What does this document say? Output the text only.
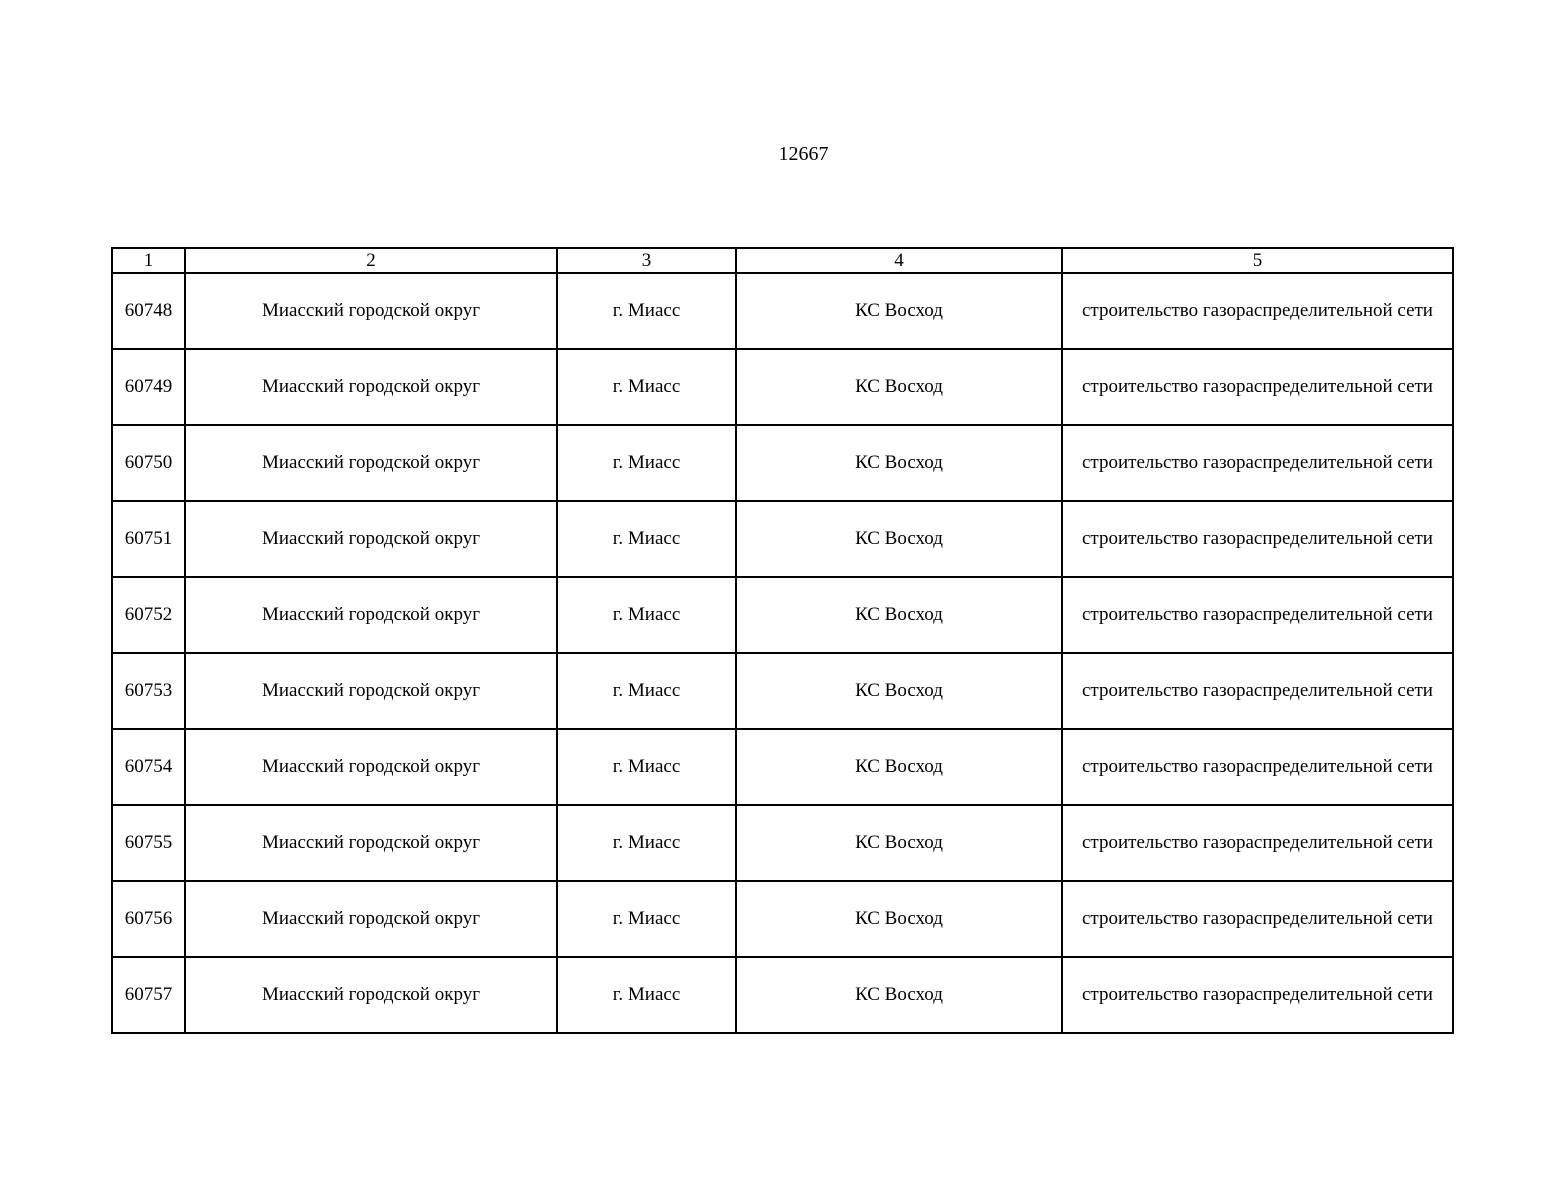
12667
1	2	3	4	5
60748	Миасский городской округ	г. Миасс	КС Восход	строительство газораспределительной сети
60749	Миасский городской округ	г. Миасс	КС Восход	строительство газораспределительной сети
60750	Миасский городской округ	г. Миасс	КС Восход	строительство газораспределительной сети
60751	Миасский городской округ	г. Миасс	КС Восход	строительство газораспределительной сети
60752	Миасский городской округ	г. Миасс	КС Восход	строительство газораспределительной сети
60753	Миасский городской округ	г. Миасс	КС Восход	строительство газораспределительной сети
60754	Миасский городской округ	г. Миасс	КС Восход	строительство газораспределительной сети
60755	Миасский городской округ	г. Миасс	КС Восход	строительство газораспределительной сети
60756	Миасский городской округ	г. Миасс	КС Восход	строительство газораспределительной сети
60757	Миасский городской округ	г. Миасс	КС Восход	строительство газораспределительной сети
